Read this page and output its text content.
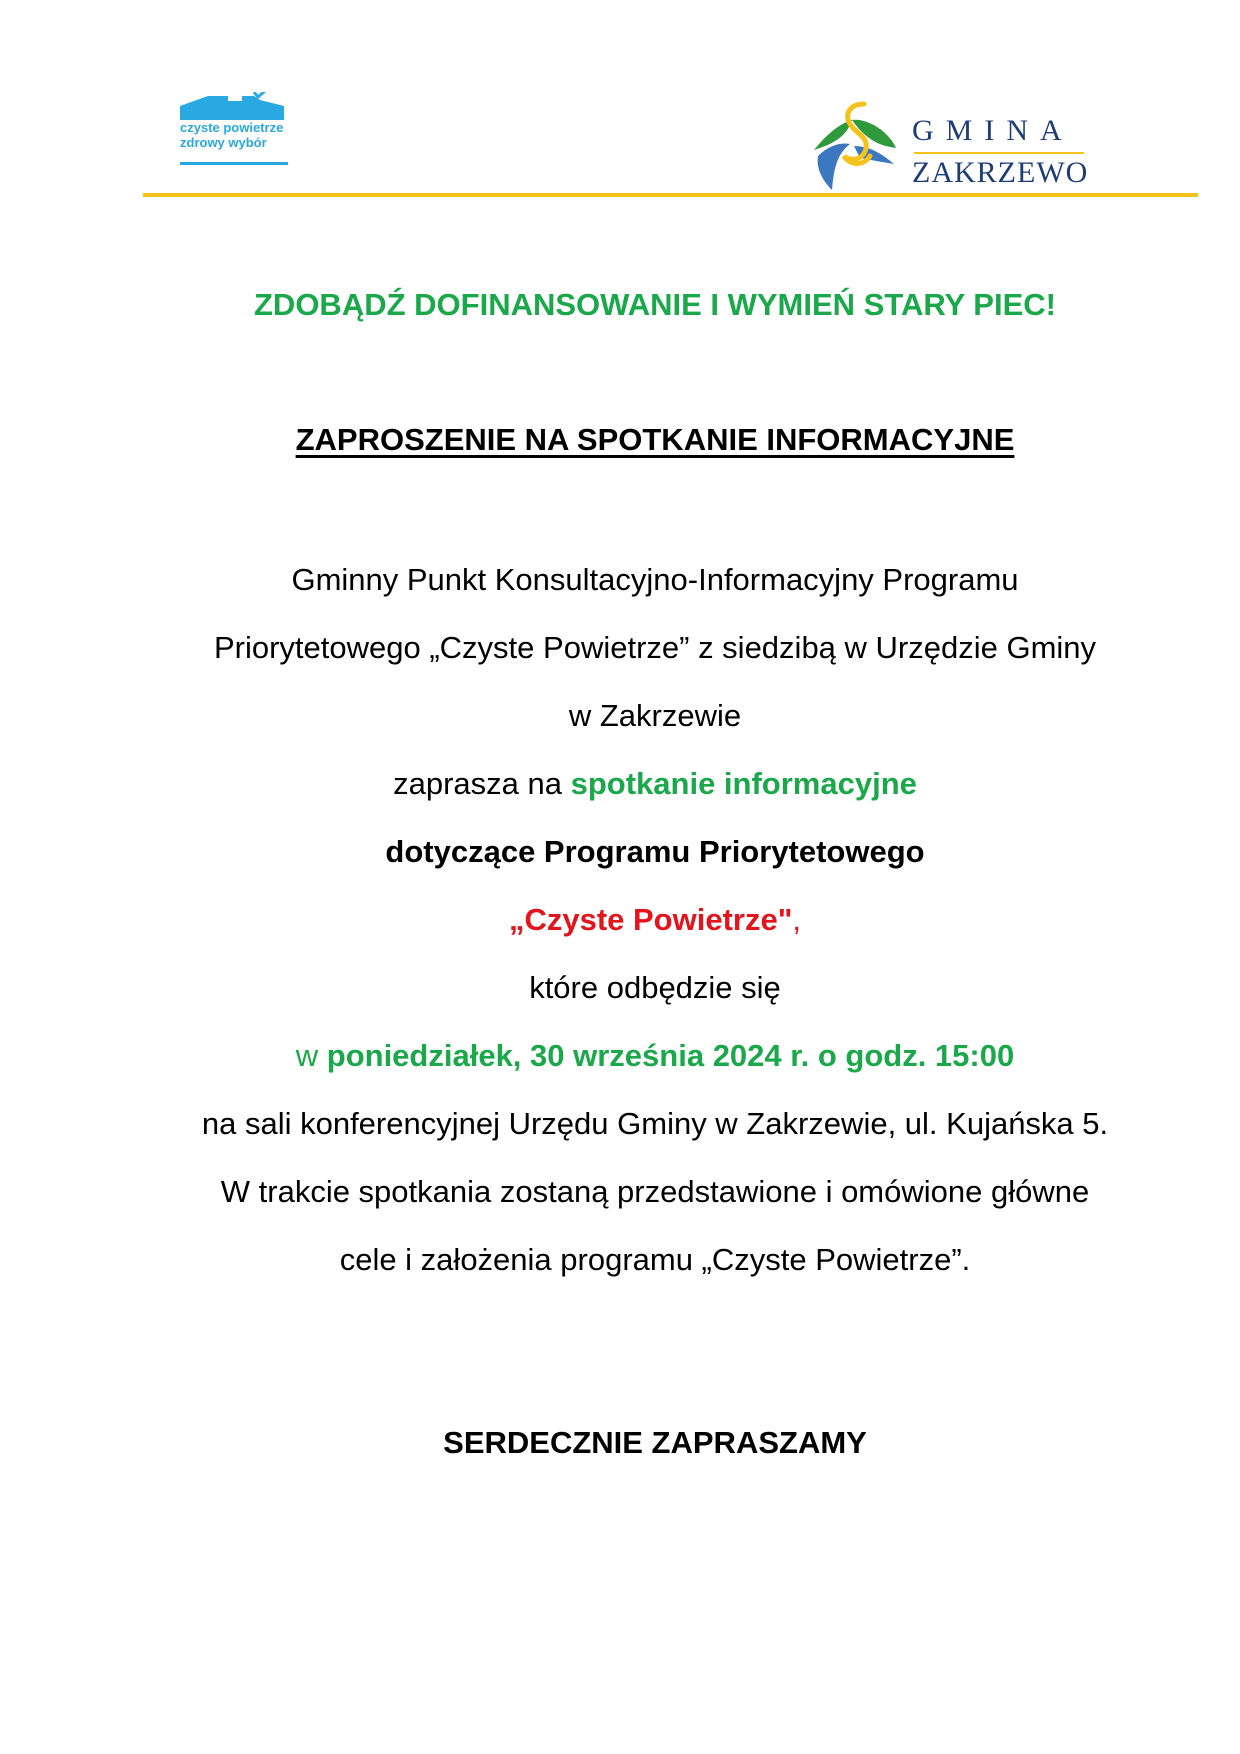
czyste powietrze
zdrowy wybór	GMINA
ZAKRZEWO
ZDOBĄDŹ DOFINANSOWANIE I WYMIEŃ STARY PIEC!
ZAPROSZENIE NA SPOTKANIE INFORMACYJNE
Gminny Punkt Konsultacyjno-Informacyjny Programu
Priorytetowego „Czyste Powietrze” z siedzibą w Urzędzie Gminy
w Zakrzewie
zaprasza na spotkanie informacyjne
dotyczące Programu Priorytetowego
„Czyste Powietrze",
które odbędzie się
w poniedziałek, 30 września 2024 r. o godz. 15:00
na sali konferencyjnej Urzędu Gminy w Zakrzewie, ul. Kujańska 5.
W trakcie spotkania zostaną przedstawione i omówione główne
cele i założenia programu „Czyste Powietrze”.
SERDECZNIE ZAPRASZAMY
